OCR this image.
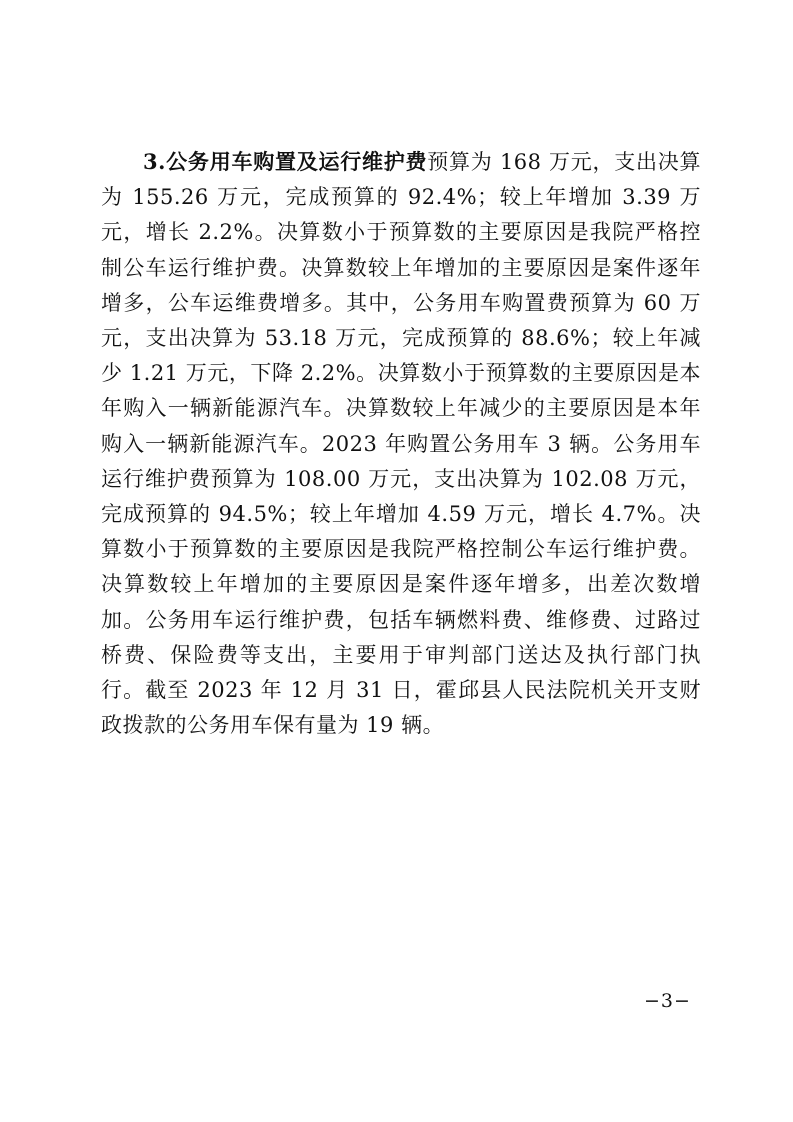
3.公务用车购置及运行维护费预算为 168 万元，支出决算为 155.26 万元，完成预算的 92.4%；较上年增加 3.39 万元，增长 2.2%。决算数小于预算数的主要原因是我院严格控制公车运行维护费。决算数较上年增加的主要原因是案件逐年增多，公车运维费增多。其中，公务用车购置费预算为 60 万元，支出决算为 53.18 万元，完成预算的 88.6%；较上年减少 1.21 万元，下降 2.2%。决算数小于预算数的主要原因是本年购入一辆新能源汽车。决算数较上年减少的主要原因是本年购入一辆新能源汽车。2023 年购置公务用车 3 辆。公务用车运行维护费预算为 108.00 万元，支出决算为 102.08 万元，完成预算的 94.5%；较上年增加 4.59 万元，增长 4.7%。决算数小于预算数的主要原因是我院严格控制公车运行维护费。决算数较上年增加的主要原因是案件逐年增多，出差次数增加。公务用车运行维护费，包括车辆燃料费、维修费、过路过桥费、保险费等支出，主要用于审判部门送达及执行部门执行。截至 2023 年 12 月 31 日，霍邱县人民法院机关开支财政拨款的公务用车保有量为 19 辆。

−3−
